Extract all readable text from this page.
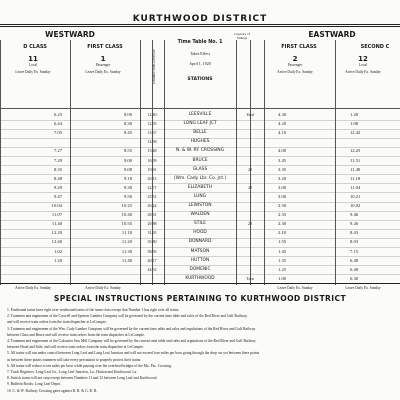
KURTHWOOD DISTRICT
WESTWARD
D CLASS	FIRST CLASS
11
Local
Leave Daily Ex. Sunday
1
Passenger
Leave Daily Ex. Sunday
Time Table No. 1
Takes Effect
April 1, 1920
STATIONS
Distance from Leesville
Capacity of Sidings	EASTWARD
FIRST CLASS	SECOND C
2
Passenger
Arrive Daily Ex. Sunday
12
Local
Arrive Daily Ex. Sunday
6.25	8.00	12.40	LEESVILLE	Yard	4.30	1.20
6.44	8.30	12.93	LONG LEAF JCT	4.20	1.08
7.05	8.45	13.67	BELLE	4.10	12.42
14.58	HUGHES
7.27	8.55	15.48	N. & W. RY. CROSSING	4.00	12.25
7.29	9.00	16.59	BRUCE	3.45	11.51
8.35	9.08	19.91	GLASS	20	3.35	11.40
8.48	9.18	20.13	(Wm. Cady Lbr. Co. Jct.)	3.20	11.18
9.29	9.30	22.71	ELIZABETH	20	3.00	11.04
9.47	9.50	25.51	LUNG	3.00	10.21
10.04	10.25	26.24	LEWISTON	2.50	10.02
11.07	10.40	28.31	WALDEN	2.35	9.46
11.40	10.55	29.88	STILE	20	2.30	9.26
12.20	11.10	31.65	HOOD	2.10	8.43
12.40	11.20	35.80	DONNARD	1.55	8.03
1.02	11.30	38.95	MATSON	1.45	7.15
1.20	11.40	40.17	HUTTON	1.35	6.48
44.52	DOMENIC	1.25	6.48
KURTHWOOD	Turn	1.00	6.30
Arrive Daily Ex. Sunday	Arrive Daily Ex. Sunday	Leave Daily Ex. Sunday	Leave Daily Ex. Sunday
SPECIAL INSTRUCTIONS PERTAINING TO KURTHWOOD DISTRICT
1. Eastbound trains have right over westbound trains of the same class except that Number 1 has right over all trains.
2. Trainmen and enginemen of the Crowell and Spencer Lumber Company will be governed by the current time table and rules of the Red River and Gulf Railway,
and will receive train orders from the train dispatcher at LeCompte.
3. Trainmen and enginemen of the Wm. Cady Lumber Company will be governed by the current time table and rules and regulations of the Red River and Gulf Railway
between Glass and Bruce and will receive train orders from the train dispatcher at LeCompte.
4. Trainmen and enginemen of the Calcasieu Saw Mill Company will be governed by the current time table and rules and regulations of the Red River and Gulf Railway
between Hood and Stile, and will receive train orders from the train dispatcher at LeCompte.
5. All trains will run under control between Long Leaf and Long Leaf Junction and will not exceed four miles per hour going through the drop cut yet between there points
as between these points trainmen will take every precaution to properly protect their trains.
6. All trains will reduce to ten miles per hour while passing over the overhead bridges of the Mo. Pac. Crossing.
7. Track Registers: Long Leaf Jct., Long Leaf Junction, La., Hutton and Kurthwood, La.
8. Switch trains will not stop except between Numbers 11 and 12 between Long Leaf and Kurthwood.
9. Bulletin Books: Long Leaf Depot.
10. C. & W. Railway Crossing gates against R. R. & G. R. R.
